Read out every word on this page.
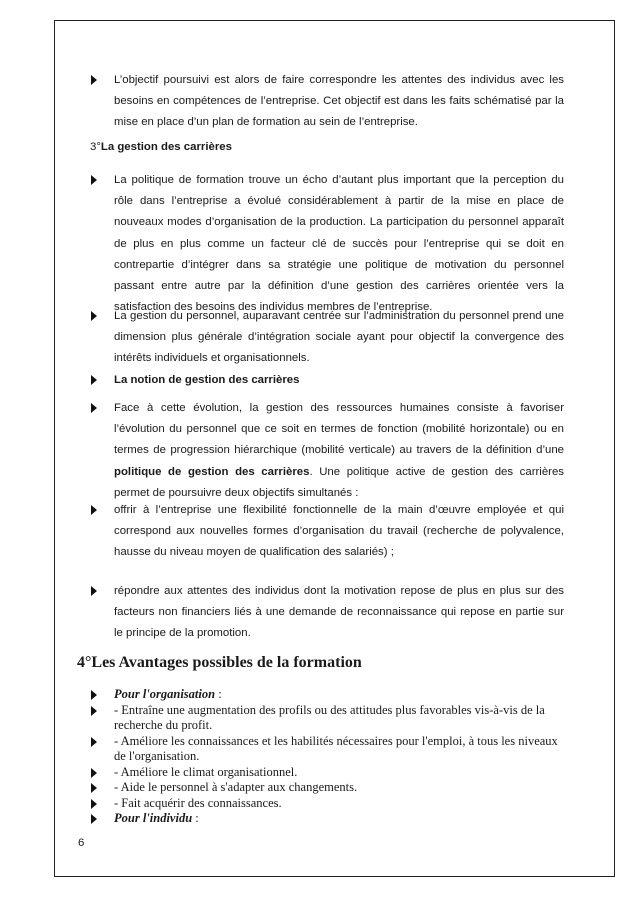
L’objectif poursuivi est alors de faire correspondre les attentes des individus avec les besoins en compétences de l’entreprise. Cet objectif est dans les faits schématisé par la mise en place d’un plan de formation au sein de l’entreprise.
3°La gestion des carrières
La politique de formation trouve un écho d’autant plus important que la perception du rôle dans l’entreprise a évolué considérablement à partir de la mise en place de nouveaux modes d’organisation de la production. La participation du personnel apparaît de plus en plus comme un facteur clé de succès pour l’entreprise qui se doit en contrepartie d’intégrer dans sa stratégie une politique de motivation du personnel passant entre autre par la définition d’une gestion des carrières orientée vers la satisfaction des besoins des individus membres de l’entreprise.
La gestion du personnel, auparavant centrée sur l’administration du personnel prend une dimension plus générale d’intégration sociale ayant pour objectif la convergence des intérêts individuels et organisationnels.
La notion de gestion des carrières
Face à cette évolution, la gestion des ressources humaines consiste à favoriser l’évolution du personnel que ce soit en termes de fonction (mobilité horizontale) ou en termes de progression hiérarchique (mobilité verticale) au travers de la définition d’une politique de gestion des carrières. Une politique active de gestion des carrières permet de poursuivre deux objectifs simultanés :
offrir à l’entreprise une flexibilité fonctionnelle de la main d’œuvre employée et qui correspond aux nouvelles formes d’organisation du travail (recherche de polyvalence, hausse du niveau moyen de qualification des salariés) ;
répondre aux attentes des individus dont la motivation repose de plus en plus sur des facteurs non financiers liés à une demande de reconnaissance qui repose en partie sur le principe de la promotion.
4°Les Avantages possibles de la formation
Pour l'organisation :
- Entraîne une augmentation des profils ou des attitudes plus favorables vis-à-vis de la recherche du profit.
- Améliore les connaissances et les habilités nécessaires pour l'emploi, à tous les niveaux de l'organisation.
- Améliore le climat organisationnel.
- Aide le personnel à s'adapter aux changements.
- Fait acquérir des connaissances.
Pour l'individu :
6
